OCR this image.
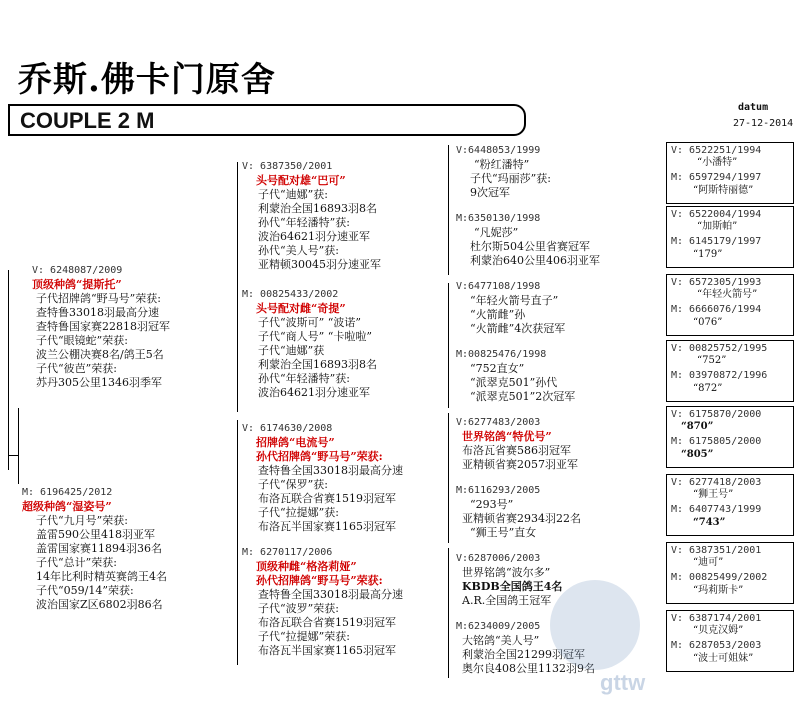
乔斯.佛卡门原舍
COUPLE 2 M
datum
27-12-2014
V: 6248087/2009
顶级种鸽“提斯托”
子代招牌鸽“野马号”荣获:
查特鲁33018羽最高分速
查特鲁国家赛22818羽冠军
子代“眼镜蛇”荣获:
波兰公棚决赛8名/鸽王5名
子代“彼芭”荣获:
苏丹305公里1346羽季军
M: 6196425/2012
超级种鸽“湿姿号”
子代“九月号”荣获:
盖雷590公里418羽亚军
盖雷国家赛11894羽36名
子代“总计”荣获:
14年比利时精英赛鸽王4名
子代“059/14”荣获:
波治国家Z区6802羽86名
V: 6387350/2001
头号配对雄“巴可”
子代“迪娜”获:
利蒙治全国16893羽8名
孙代“年轻潘特”获:
波治64621羽分速亚军
孙代“美人号”获:
亚精顿30045羽分速亚军
M: 00825433/2002
头号配对雌“奇提”
子代“波斯可” “波诺”
子代“商人号” “卡啦啦”
子代“迪娜”获
利蒙治全国16893羽8名
孙代“年轻潘特”获:
波治64621羽分速亚军
V: 6174630/2008
招牌鸽“电流号”
孙代招牌鸽“野马号”荣获:
查特鲁全国33018羽最高分速
子代“保罗”获:
布洛瓦联合省赛1519羽冠军
子代“拉提娜”获:
布洛瓦半国家赛1165羽冠军
M: 6270117/2006
顶级种雌“格洛莉娅”
孙代招牌鸽“野马号”荣获:
查特鲁全国33018羽最高分速
子代“波罗”荣获:
布洛瓦联合省赛1519羽冠军
子代“拉提娜”荣获:
布洛瓦半国家赛1165羽冠军
V:6448053/1999
“粉红潘特”
子代“玛丽莎”获:
9次冠军
M:6350130/1998
“凡妮莎”
杜尔斯504公里省赛冠军
利蒙治640公里406羽亚军
V:6477108/1998
“年轻火箭号直子”
“火箭雌”孙
“火箭雌”4次获冠军
M:00825476/1998
“752直女”
“派翠克501”孙代
“派翠克501”2次冠军
V:6277483/2003
世界铭鸽“特优号”
布洛瓦省赛586羽冠军
亚精顿省赛2057羽亚军
M:6116293/2005
“293号”
亚精顿省赛2934羽22名
“狮王号”直女
V:6287006/2003
世界铭鸽“波尔多”
KBDB全国鸽王4名
A.R.全国鸽王冠军
M:6234009/2005
大铭鸽“美人号”
利蒙治全国21299羽冠军
奥尔良408公里1132羽9名
V: 6522251/1994
“小潘特”
M: 6597294/1997
“阿斯特丽德”
V: 6522004/1994
“加斯帕”
M: 6145179/1997
“179”
V: 6572305/1993
“年轻火箭号”
M: 6666076/1994
“076”
V: 00825752/1995
“752”
M: 03970872/1996
“872”
V: 6175870/2000
“870”
M: 6175805/2000
“805”
V: 6277418/2003
“狮王号”
M: 6407743/1999
“743”
V: 6387351/2001
“迪可”
M: 00825499/2002
“玛莉斯卡”
V: 6387174/2001
“贝克汉姆”
M: 6287053/2003
“波士可姐妹”
gttw
